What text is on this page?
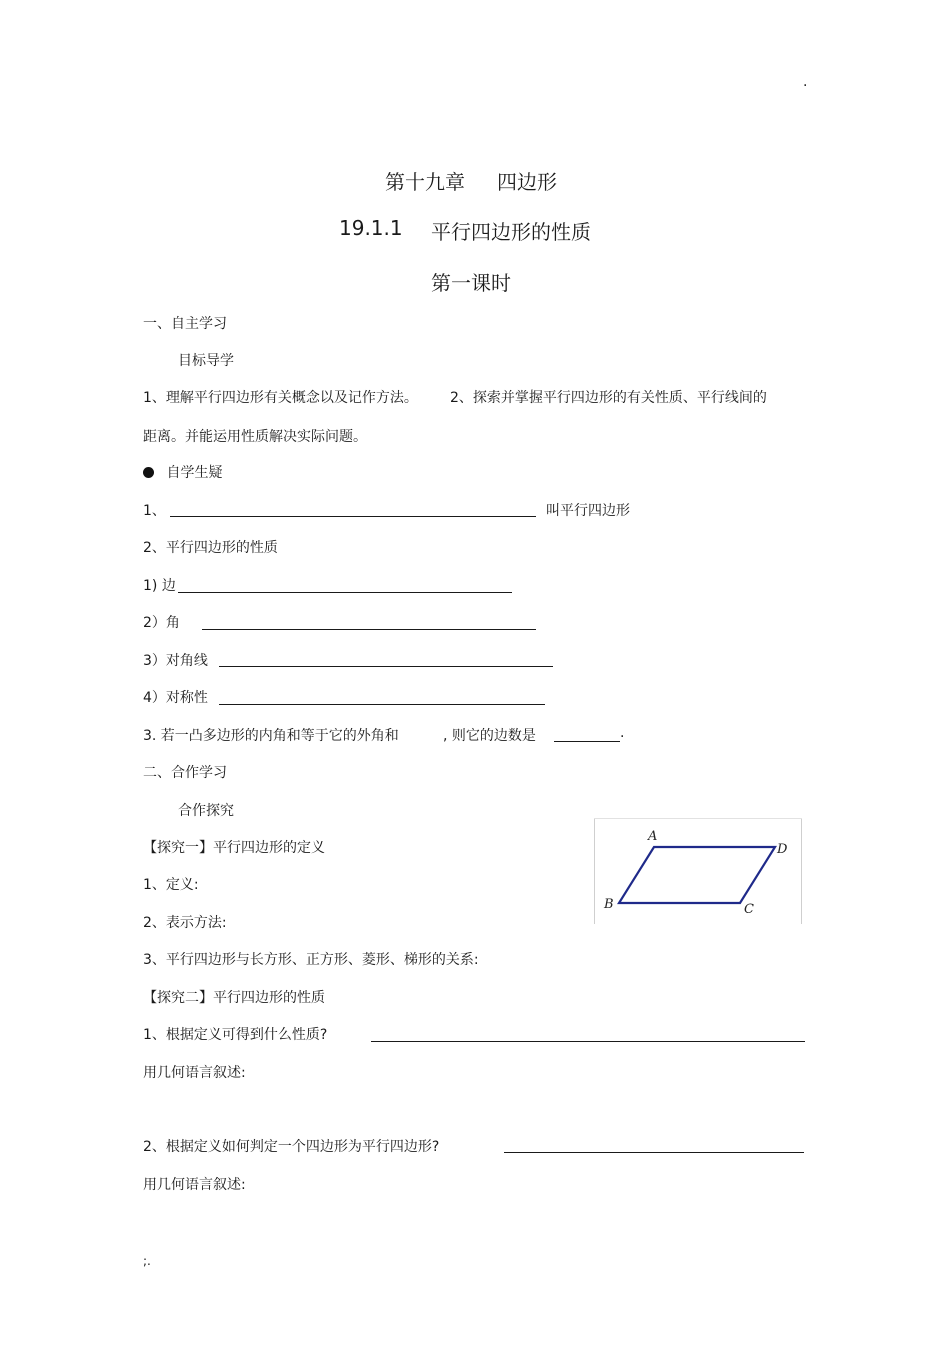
.
第十九章 四边形
19.1.1 平行四边形的性质
第一课时
一、自主学习
目标导学
1、理解平行四边形有关概念以及记作方法。 2、探索并掌握平行四边形的有关性质、平行线间的
距离。并能运用性质解决实际问题。
自学生疑
1、	叫平行四边形
2、平行四边形的性质
1) 边
2）角
3）对角线
4）对称性
3. 若一凸多边形的内角和等于它的外角和	, 则它的边数是	.
二、合作学习
合作探究
【探究一】平行四边形的定义
1、定义:
2、表示方法:
3、平行四边形与长方形、正方形、菱形、梯形的关系:
A
D
B	C
【探究二】平行四边形的性质
1、根据定义可得到什么性质?
用几何语言叙述:
2、根据定义如何判定一个四边形为平行四边形?
用几何语言叙述:
;.
